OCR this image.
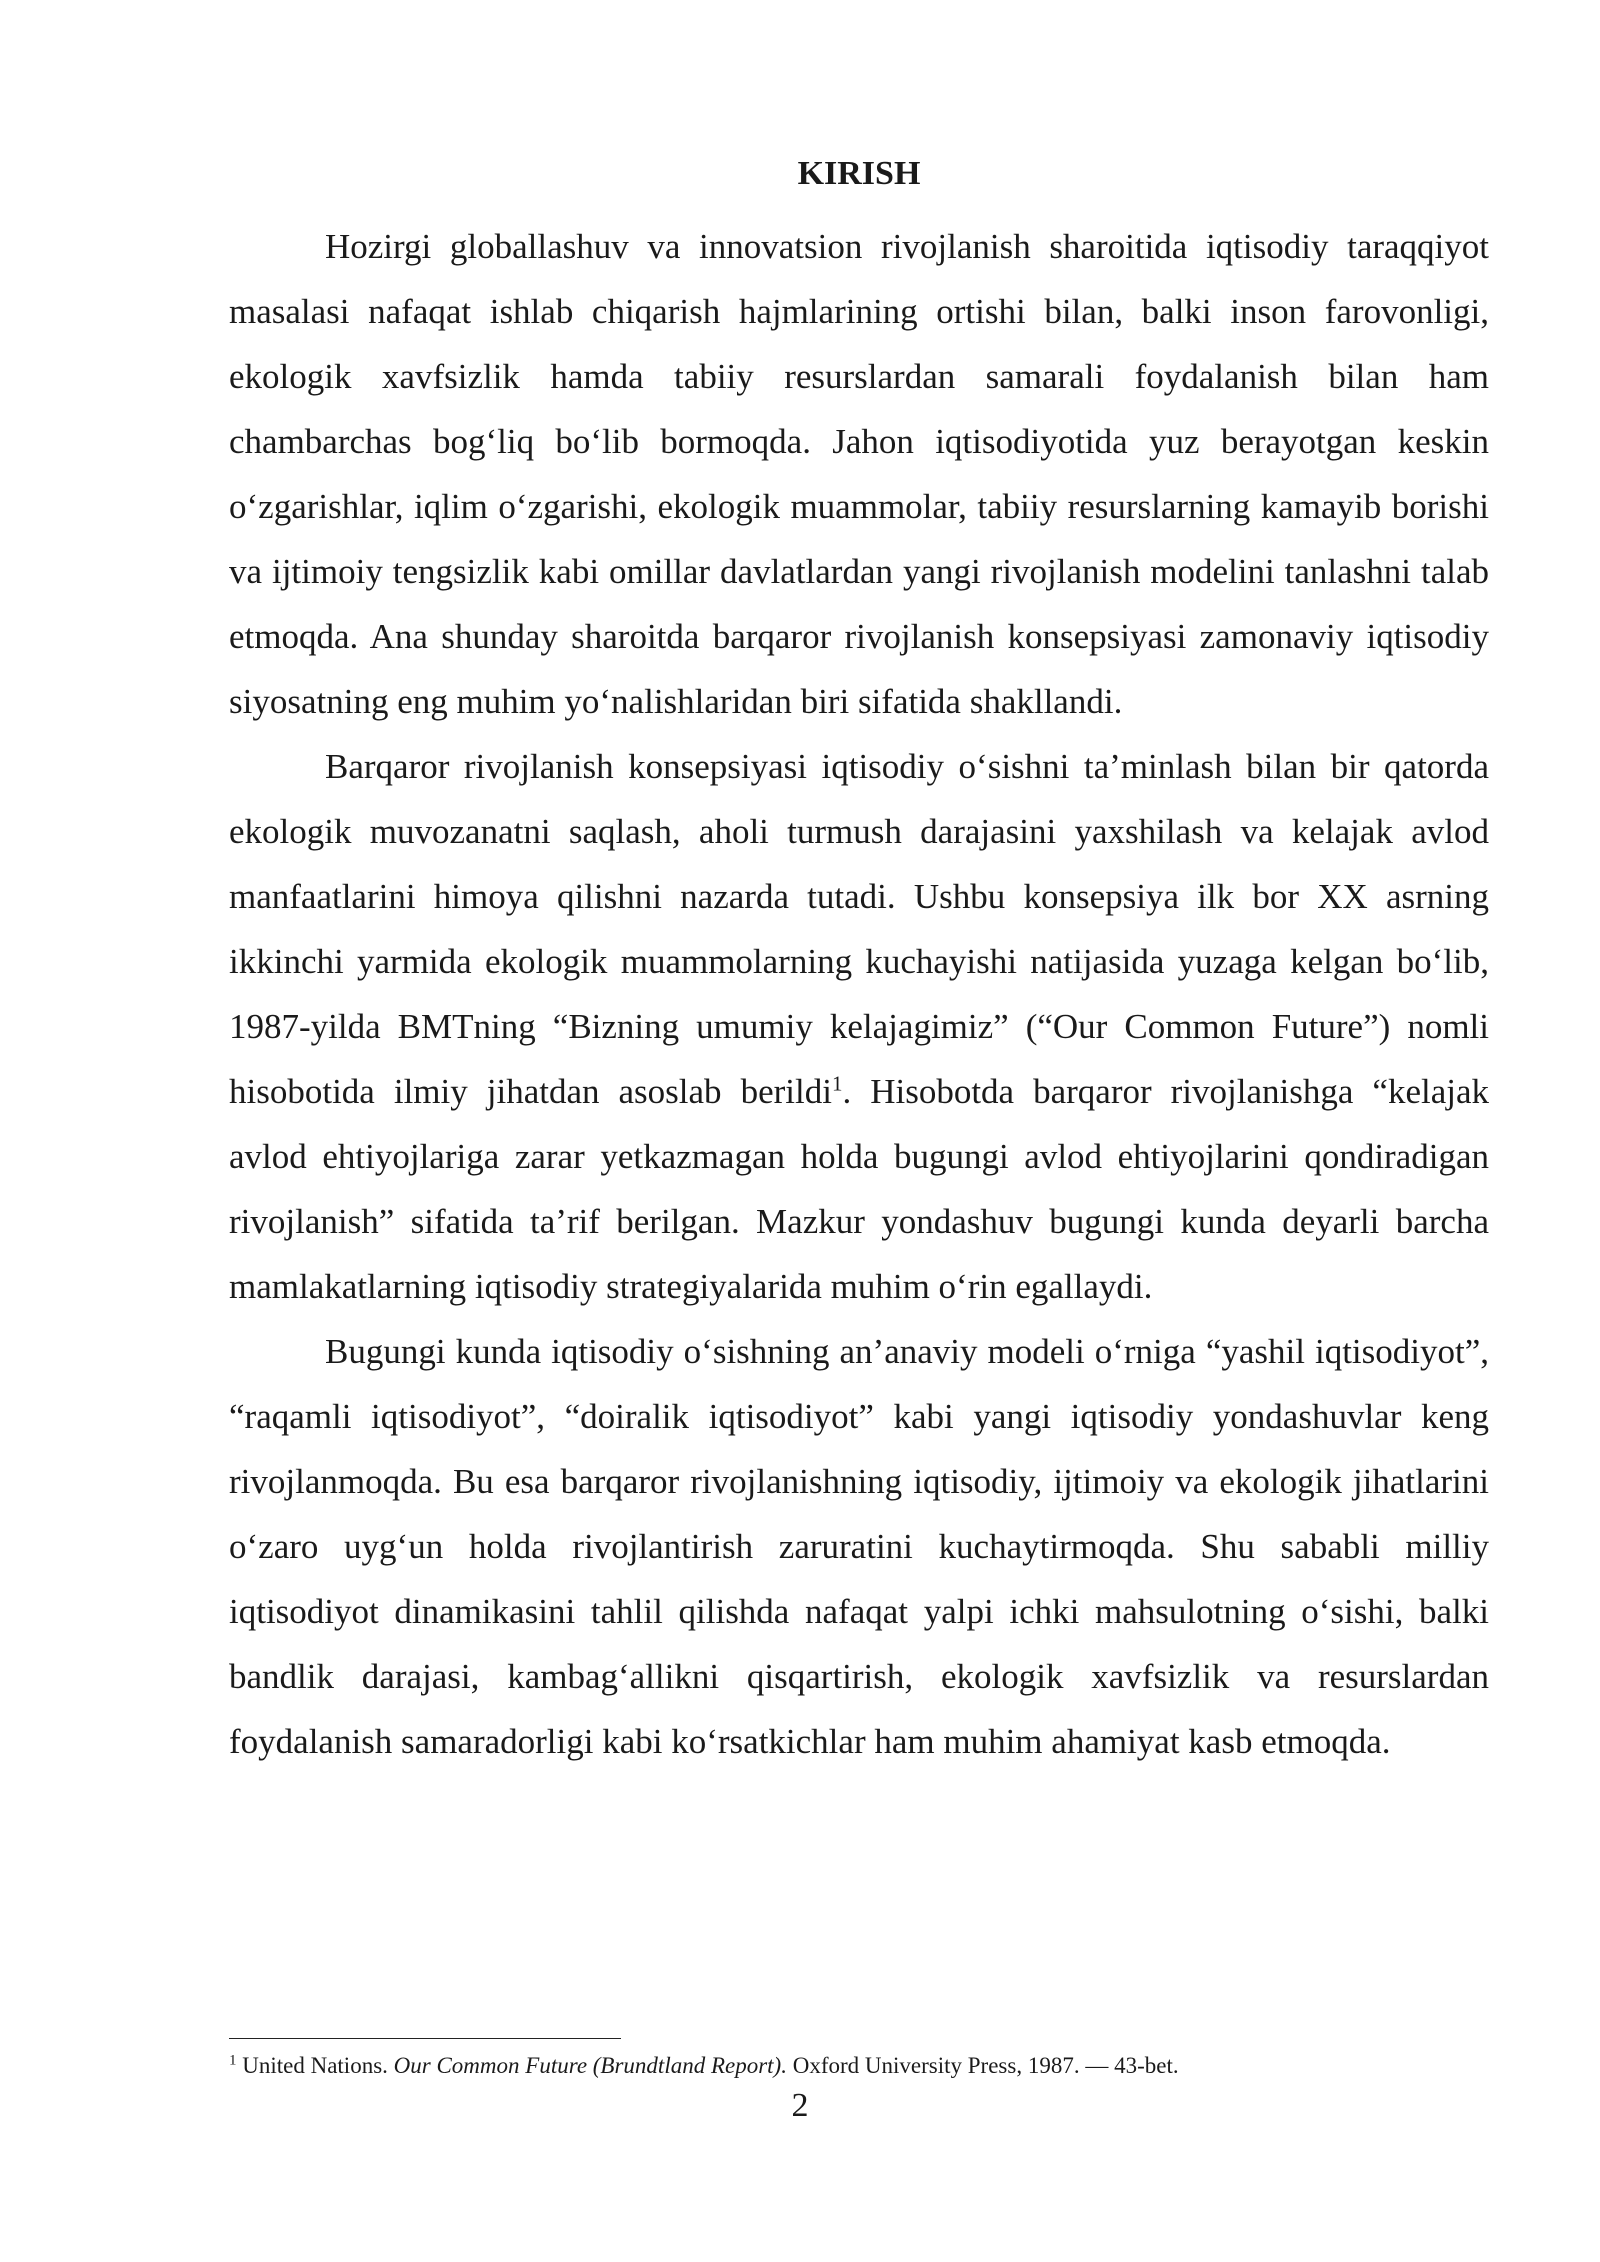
KIRISH

Hozirgi globallashuv va innovatsion rivojlanish sharoitida iqtisodiy taraqqiyot masalasi nafaqat ishlab chiqarish hajmlarining ortishi bilan, balki inson farovonligi, ekologik xavfsizlik hamda tabiiy resurslardan samarali foydalanish bilan ham chambarchas bog‘liq bo‘lib bormoqda. Jahon iqtisodiyotida yuz berayotgan keskin o‘zgarishlar, iqlim o‘zgarishi, ekologik muammolar, tabiiy resurslarning kamayib borishi va ijtimoiy tengsizlik kabi omillar davlatlardan yangi rivojlanish modelini tanlashni talab etmoqda. Ana shunday sharoitda barqaror rivojlanish konsepsiyasi zamonaviy iqtisodiy siyosatning eng muhim yo‘nalishlaridan biri sifatida shakllandi.

Barqaror rivojlanish konsepsiyasi iqtisodiy o‘sishni ta’minlash bilan bir qatorda ekologik muvozanatni saqlash, aholi turmush darajasini yaxshilash va kelajak avlod manfaatlarini himoya qilishni nazarda tutadi. Ushbu konsepsiya ilk bor XX asrning ikkinchi yarmida ekologik muammolarning kuchayishi natijasida yuzaga kelgan bo‘lib, 1987-yilda BMTning “Bizning umumiy kelajagimiz” (“Our Common Future”) nomli hisobotida ilmiy jihatdan asoslab berildi$^1$. Hisobotda barqaror rivojlanishga “kelajak avlod ehtiyojlariga zarar yetkazmagan holda bugungi avlod ehtiyojlarini qondiradigan rivojlanish” sifatida ta’rif berilgan. Mazkur yondashuv bugungi kunda deyarli barcha mamlakatlarning iqtisodiy strategiyalarida muhim o‘rin egallaydi.

Bugungi kunda iqtisodiy o‘sishning an’anaviy modeli o‘rniga “yashil iqtisodiyot”, “raqamli iqtisodiyot”, “doiralik iqtisodiyot” kabi yangi iqtisodiy yondashuvlar keng rivojlanmoqda. Bu esa barqaror rivojlanishning iqtisodiy, ijtimoiy va ekologik jihatlarini o‘zaro uyg‘un holda rivojlantirish zaruratini kuchaytirmoqda. Shu sababli milliy iqtisodiyot dinamikasini tahlil qilishda nafaqat yalpi ichki mahsulotning o‘sishi, balki bandlik darajasi, kambag‘allikni qisqartirish, ekologik xavfsizlik va resurslardan foydalanish samaradorligi kabi ko‘rsatkichlar ham muhim ahamiyat kasb etmoqda.

$^1$ United Nations. Our Common Future (Brundtland Report). Oxford University Press, 1987. — 43-bet.

2
